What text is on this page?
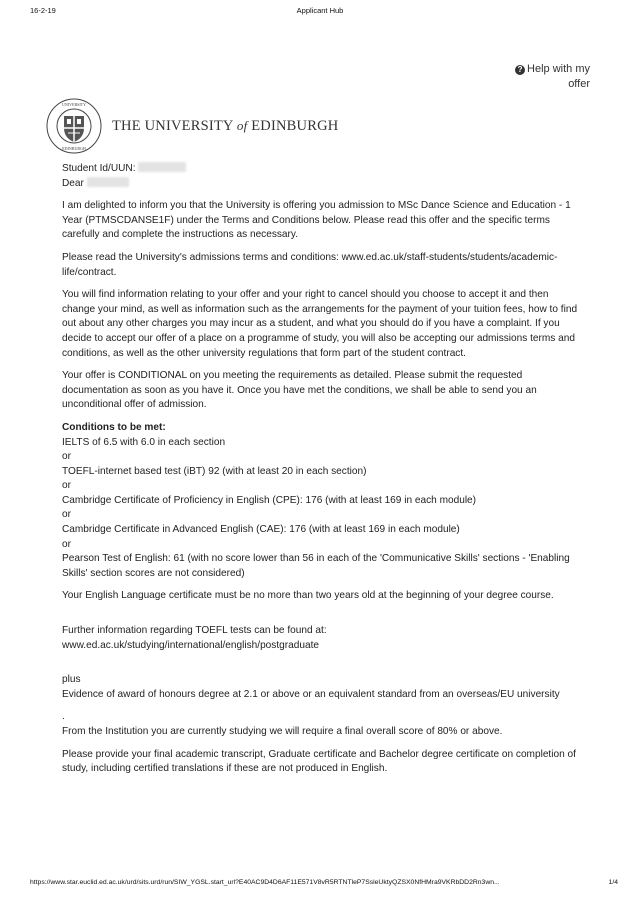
16-2-19	Applicant Hub
? Help with my offer
UNIVERSITY
EDINBURGH
THE UNIVERSITY of EDINBURGH

Student Id/UUN:

Dear

I am delighted to inform you that the University is offering you admission to MSc Dance Science and Education - 1 Year (PTMSCDANSE1F) under the Terms and Conditions below. Please read this offer and the specific terms carefully and complete the instructions as necessary.

Please read the University's admissions terms and conditions: www.ed.ac.uk/staff-students/students/academic-life/contract.

You will find information relating to your offer and your right to cancel should you choose to accept it and then change your mind, as well as information such as the arrangements for the payment of your tuition fees, how to find out about any other charges you may incur as a student, and what you should do if you have a complaint. If you decide to accept our offer of a place on a programme of study, you will also be accepting our admissions terms and conditions, as well as the other university regulations that form part of the student contract.

Your offer is CONDITIONAL on you meeting the requirements as detailed. Please submit the requested documentation as soon as you have it. Once you have met the conditions, we shall be able to send you an unconditional offer of admission.

Conditions to be met:

IELTS of 6.5 with 6.0 in each section

or

TOEFL-internet based test (iBT) 92 (with at least 20 in each section)

or

Cambridge Certificate of Proficiency in English (CPE): 176 (with at least 169 in each module)

or

Cambridge Certificate in Advanced English (CAE): 176 (with at least 169 in each module)

or

Pearson Test of English: 61 (with no score lower than 56 in each of the 'Communicative Skills' sections - 'Enabling Skills' section scores are not considered)

Your English Language certificate must be no more than two years old at the beginning of your degree course.

Further information regarding TOEFL tests can be found at:

www.ed.ac.uk/studying/international/english/postgraduate

plus

Evidence of award of honours degree at 2.1 or above or an equivalent standard from an overseas/EU university

.

From the Institution you are currently studying we will require a final overall score of 80% or above.

Please provide your final academic transcript, Graduate certificate and Bachelor degree certificate on completion of study, including certified translations if these are not produced in English.

https://www.star.euclid.ed.ac.uk/urd/sits.urd/run/SIW_YGSL.start_url?E40AC9D4D6AF11E571V8vR5RTNTleP7SsleUktyQZSX0NfHMra9VKRbDD2Rn3wn...	1/4
